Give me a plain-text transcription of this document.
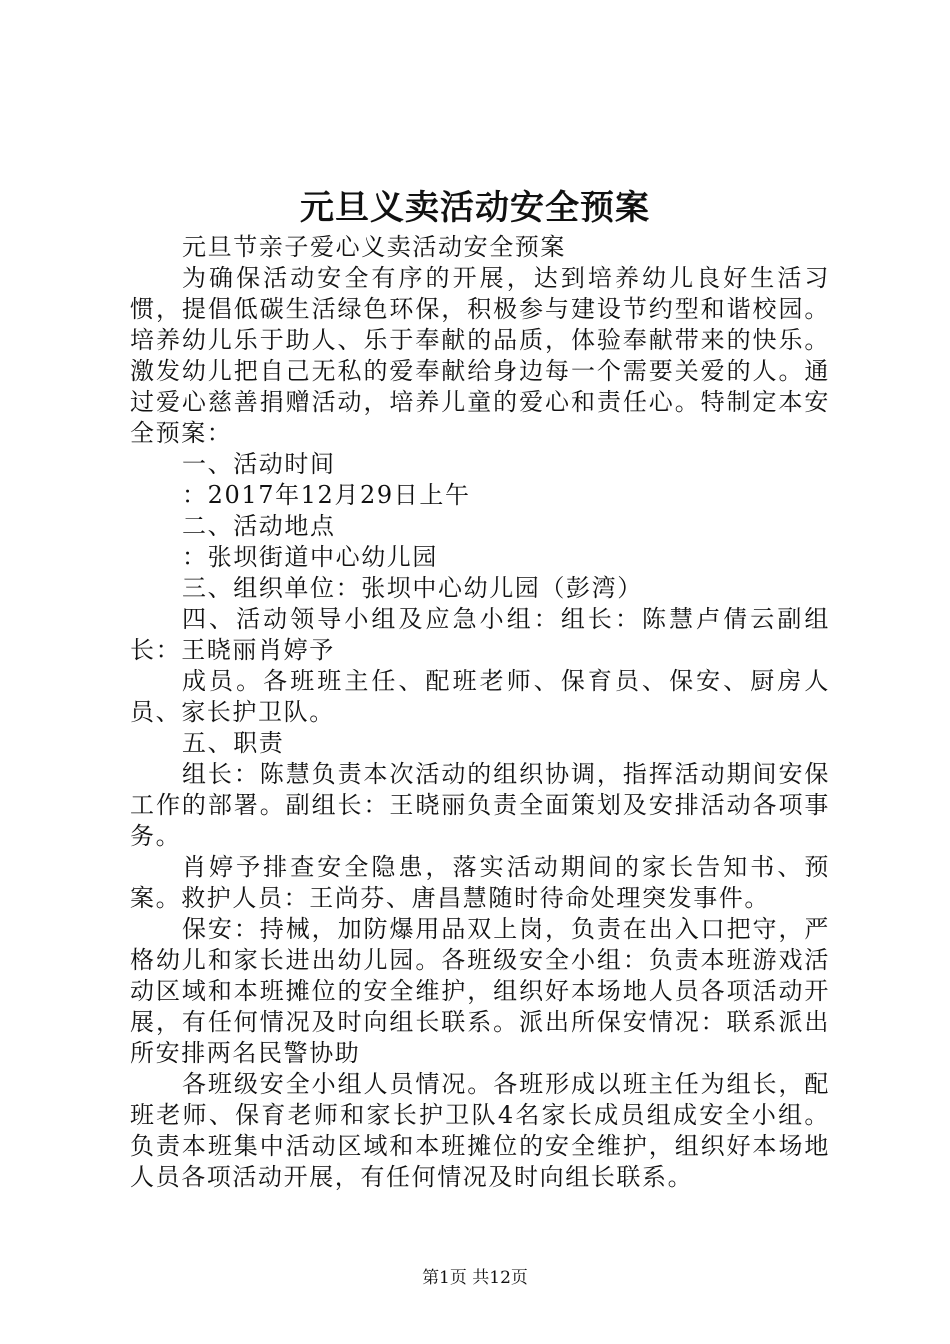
元旦义卖活动安全预案

元旦节亲子爱心义卖活动安全预案

为确保活动安全有序的开展，达到培养幼儿良好生活习惯，提倡低碳生活绿色环保，积极参与建设节约型和谐校园。培养幼儿乐于助人、乐于奉献的品质，体验奉献带来的快乐。激发幼儿把自己无私的爱奉献给身边每一个需要关爱的人。通过爱心慈善捐赠活动，培养儿童的爱心和责任心。特制定本安全预案：

一、活动时间

：2017年12月29日上午

二、活动地点

：张坝街道中心幼儿园

三、组织单位：张坝中心幼儿园（彭湾）

四、活动领导小组及应急小组：组长：陈慧卢倩云副组长：王晓丽肖婷予

成员。各班班主任、配班老师、保育员、保安、厨房人员、家长护卫队。

五、职责

组长：陈慧负责本次活动的组织协调，指挥活动期间安保工作的部署。副组长：王晓丽负责全面策划及安排活动各项事务。

肖婷予排查安全隐患，落实活动期间的家长告知书、预案。救护人员：王尚芬、唐昌慧随时待命处理突发事件。

保安：持械，加防爆用品双上岗，负责在出入口把守，严格幼儿和家长进出幼儿园。各班级安全小组：负责本班游戏活动区域和本班摊位的安全维护，组织好本场地人员各项活动开展，有任何情况及时向组长联系。派出所保安情况：联系派出所安排两名民警协助

各班级安全小组人员情况。各班形成以班主任为组长，配班老师、保育老师和家长护卫队4名家长成员组成安全小组。负责本班集中活动区域和本班摊位的安全维护，组织好本场地人员各项活动开展，有任何情况及时向组长联系。

第1页 共12页
